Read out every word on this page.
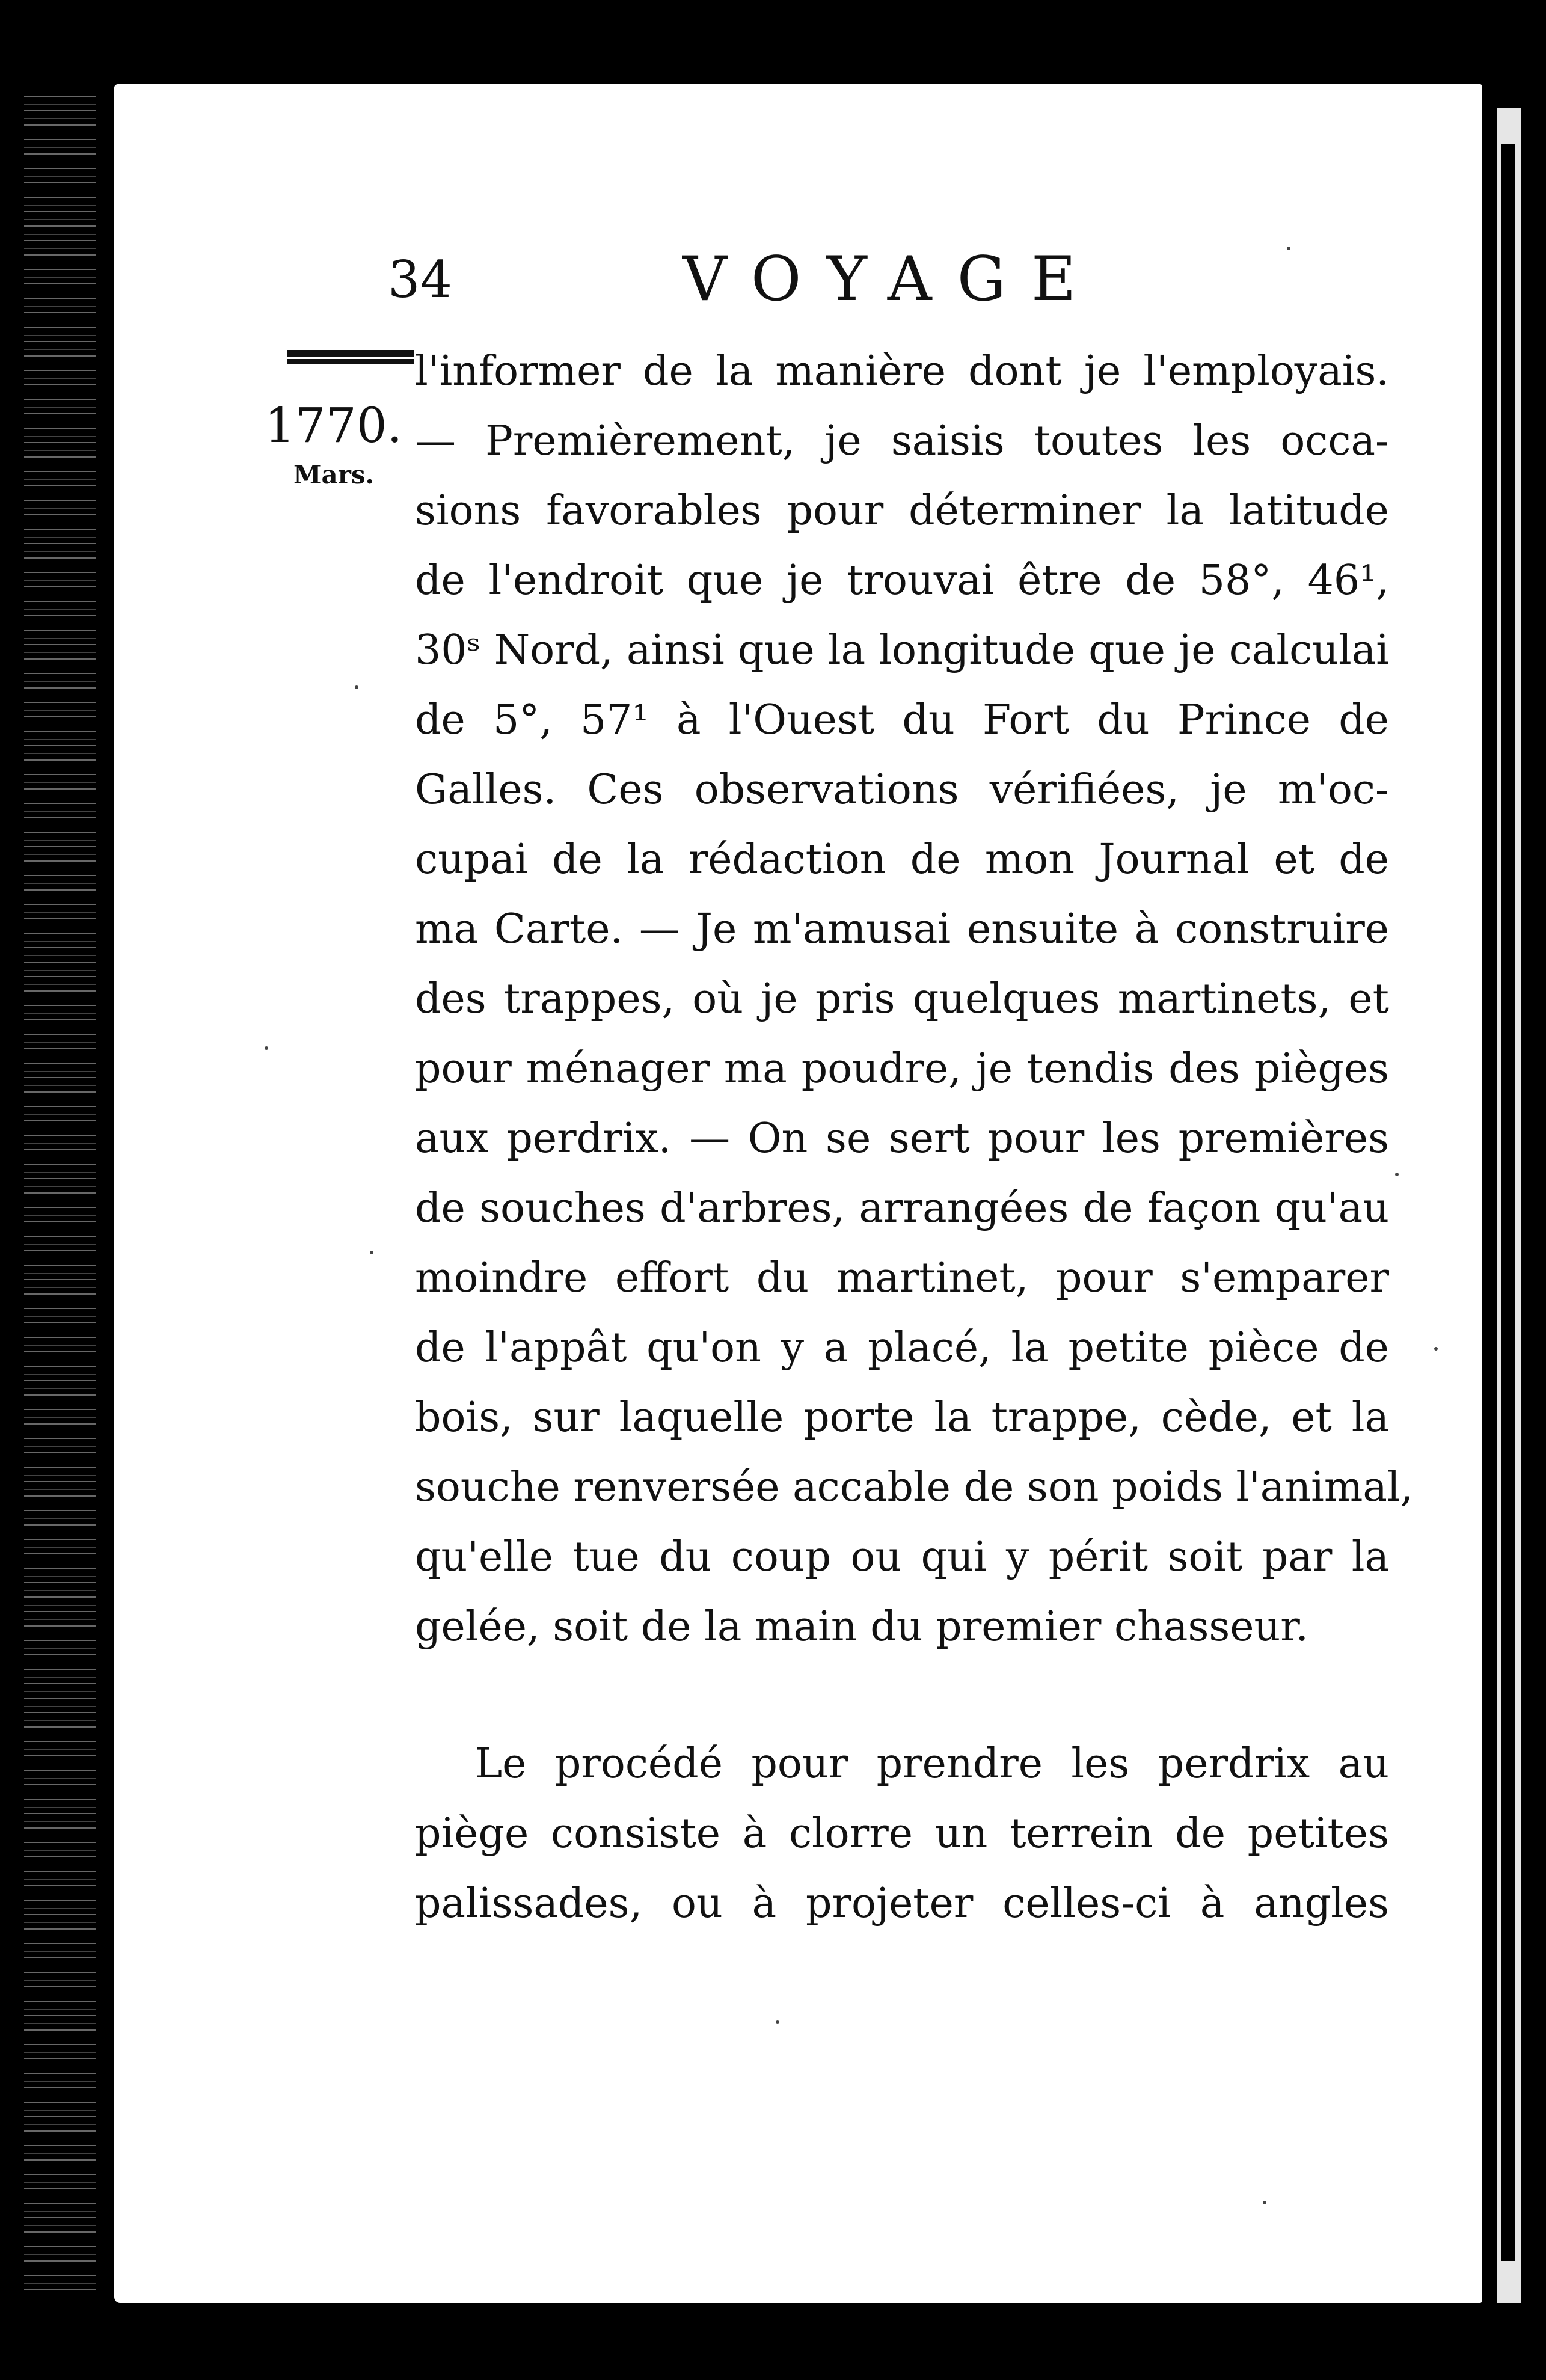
34	VOYAGE
1770.
Mars.
l'informer de la manière dont je l'employais.
— Premièrement, je saisis toutes les occa-
sions favorables pour déterminer la latitude
de l'endroit que je trouvai être de 58°, 46¹,
30ˢ Nord, ainsi que la longitude que je calculai
de 5°, 57¹ à l'Ouest du Fort du Prince de
Galles. Ces observations vérifiées, je m'oc-
cupai de la rédaction de mon Journal et de
ma Carte. — Je m'amusai ensuite à construire
des trappes, où je pris quelques martinets, et
pour ménager ma poudre, je tendis des pièges
aux perdrix. — On se sert pour les premières
de souches d'arbres, arrangées de façon qu'au
moindre effort du martinet, pour s'emparer
de l'appât qu'on y a placé, la petite pièce de
bois, sur laquelle porte la trappe, cède, et la
souche renversée accable de son poids l'animal,
qu'elle tue du coup ou qui y périt soit par la
gelée, soit de la main du premier chasseur.
Le procédé pour prendre les perdrix au
piège consiste à clorre un terrein de petites
palissades, ou à projeter celles-ci à angles
